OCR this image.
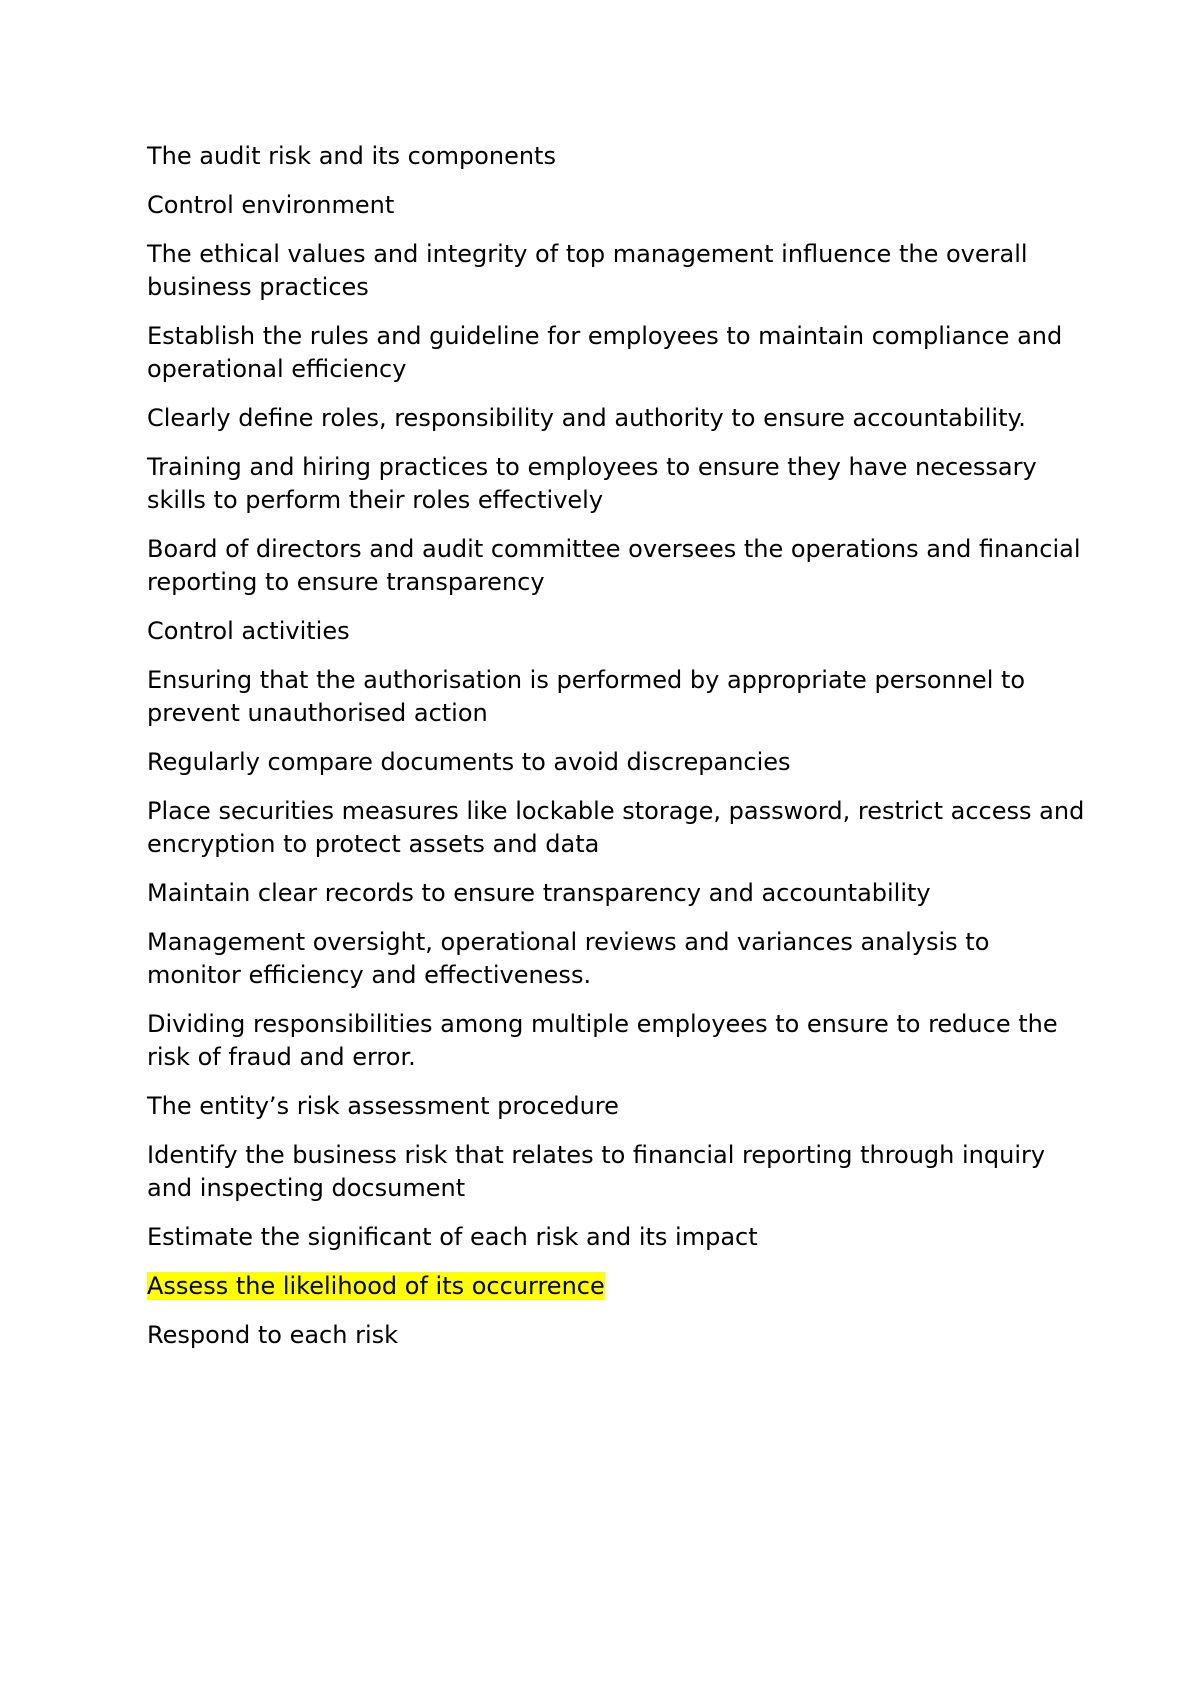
The audit risk and its components

Control environment

The ethical values and integrity of top management influence the overall business practices

Establish the rules and guideline for employees to maintain compliance and operational efficiency

Clearly define roles, responsibility and authority to ensure accountability.

Training and hiring practices to employees to ensure they have necessary skills to perform their roles effectively

Board of directors and audit committee oversees the operations and financial reporting to ensure transparency

Control activities

Ensuring that the authorisation is performed by appropriate personnel to prevent unauthorised action

Regularly compare documents to avoid discrepancies

Place securities measures like lockable storage, password, restrict access and encryption to protect assets and data

Maintain clear records to ensure transparency and accountability

Management oversight, operational reviews and variances analysis to monitor efficiency and effectiveness.

Dividing responsibilities among multiple employees to ensure to reduce the risk of fraud and error.

The entity’s risk assessment procedure

Identify the business risk that relates to financial reporting through inquiry and inspecting docsument

Estimate the significant of each risk and its impact

Assess the likelihood of its occurrence

Respond to each risk
